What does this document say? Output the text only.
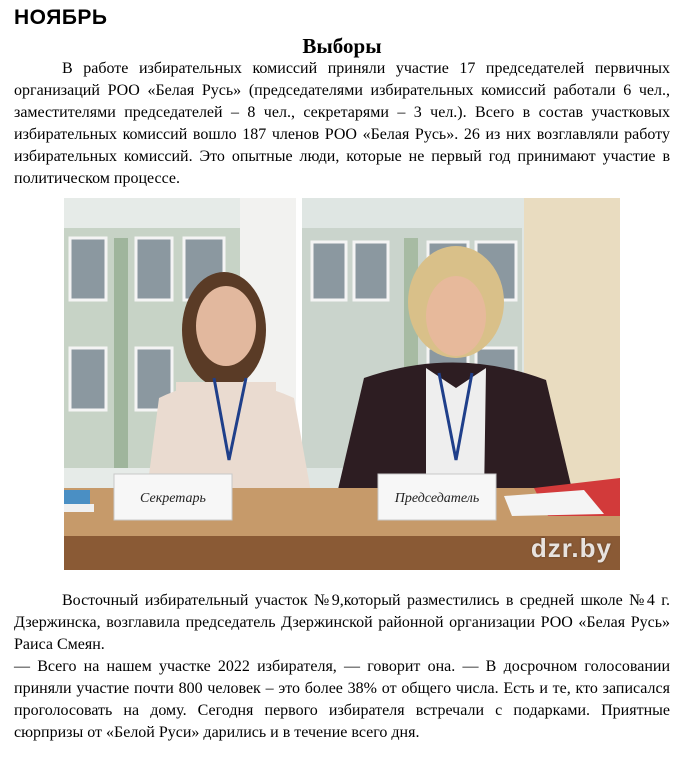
НОЯБРЬ
Выборы
В работе избирательных комиссий приняли участие 17 председателей первичных организаций РОО «Белая Русь» (председателями избирательных комиссий работали 6 чел., заместителями председателей – 8 чел., секретарями – 3 чел.). Всего в состав участковых избирательных комиссий вошло 187 членов РОО «Белая Русь». 26 из них возглавляли работу избирательных комиссий. Это опытные люди, которые не первый год принимают участие в политическом процессе.
Секретарь	Председатель
dzr.by
Восточный избирательный участок №9,который разместились в средней школе №4 г. Дзержинска, возглавила председатель Дзержинской районной организации РОО «Белая Русь» Раиса Смеян.
— Всего на нашем участке 2022 избирателя, — говорит она. — В досрочном голосовании приняли участие почти 800 человек – это более 38% от общего числа. Есть и те, кто записался проголосовать на дому. Сегодня первого избирателя встречали с подарками. Приятные сюрпризы от «Белой Руси» дарились и в течение всего дня.
